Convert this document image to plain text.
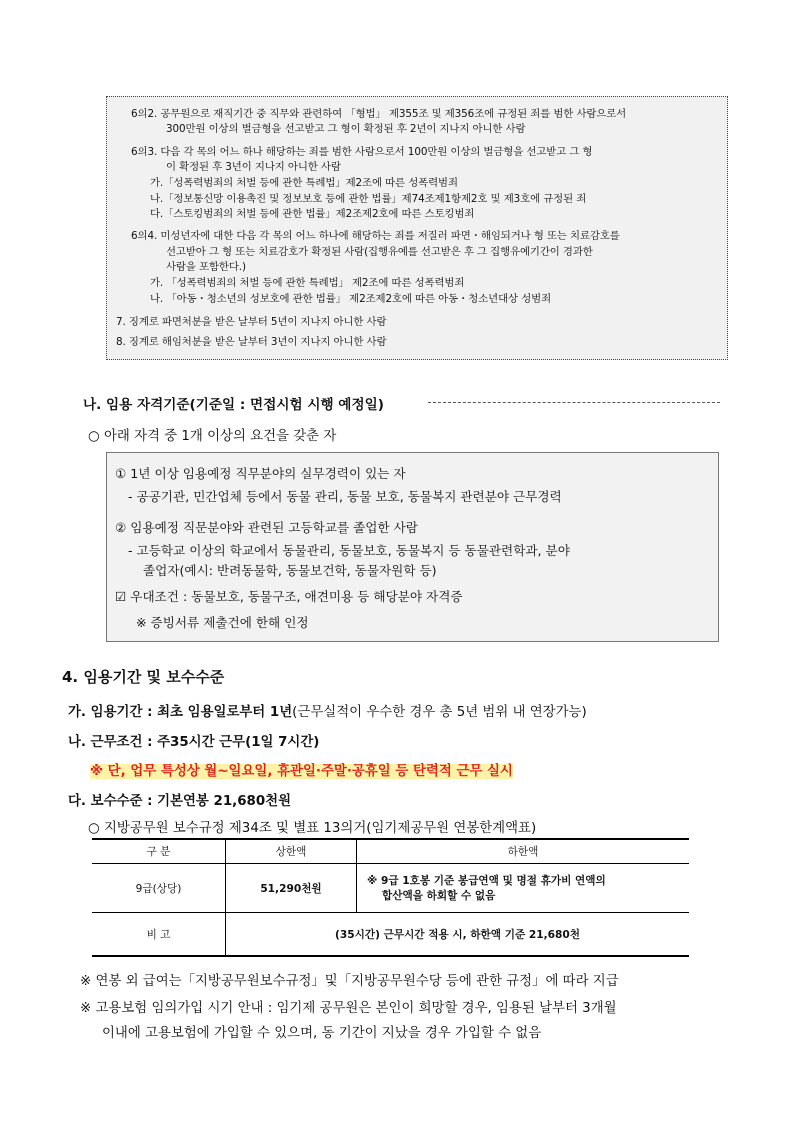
6의2. 공무원으로 재직기간 중 직무와 관련하여 「형법」 제355조 및 제356조에 규정된 죄를 범한 사람으로서
300만원 이상의 벌금형을 선고받고 그 형이 확정된 후 2년이 지나지 아니한 사람
6의3. 다음 각 목의 어느 하나 해당하는 죄를 범한 사람으로서 100만원 이상의 벌금형을 선고받고 그 형
이 확정된 후 3년이 지나지 아니한 사람
가.「성폭력범죄의 처벌 등에 관한 특례법」제2조에 따른 성폭력범죄
나.「정보통신망 이용촉진 및 정보보호 등에 관한 법률」제74조제1항제2호 및 제3호에 규정된 죄
다.「스토킹범죄의 처벌 등에 관한 법률」제2조제2호에 따른 스토킹범죄
6의4. 미성년자에 대한 다음 각 목의 어느 하나에 해당하는 죄를 저질러 파면・해임되거나 형 또는 치료감호를
선고받아 그 형 또는 치료감호가 확정된 사람(집행유예를 선고받은 후 그 집행유예기간이 경과한
사람을 포함한다.)
가. 「성폭력범죄의 처벌 등에 관한 특례법」 제2조에 따른 성폭력범죄
나. 「아동・청소년의 성보호에 관한 법률」 제2조제2호에 따른 아동・청소년대상 성범죄
7. 징계로 파면처분을 받은 날부터 5년이 지나지 아니한 사람
8. 징계로 해임처분을 받은 날부터 3년이 지나지 아니한 사람
나. 임용 자격기준(기준일 : 면접시험 시행 예정일)
○ 아래 자격 중 1개 이상의 요건을 갖춘 자
① 1년 이상 임용예정 직무분야의 실무경력이 있는 자
- 공공기관, 민간업체 등에서 동물 관리, 동물 보호, 동물복지 관련분야 근무경력
② 임용예정 직문분야와 관련된 고등학교를 졸업한 사람
- 고등학교 이상의 학교에서 동물관리, 동물보호, 동물복지 등 동물관련학과, 분야
졸업자(예시: 반려동물학, 동물보건학, 동물자원학 등)
☑ 우대조건 : 동물보호, 동물구조, 애견미용 등 해당분야 자격증
※ 증빙서류 제출건에 한해 인정
4. 임용기간 및 보수수준
가. 임용기간 : 최초 임용일로부터 1년(근무실적이 우수한 경우 총 5년 범위 내 연장가능)
나. 근무조건 : 주35시간 근무(1일 7시간)
※ 단, 업무 특성상 월~일요일, 휴관일·주말·공휴일 등 탄력적 근무 실시
다. 보수수준 : 기본연봉 21,680천원
○ 지방공무원 보수규정 제34조 및 별표 13의거(임기제공무원 연봉한계액표)
구 분	상한액	하한액
9급(상당)	51,290천원	※ 9급 1호봉 기준 봉급연액 및 명절 휴가비 연액의
합산액을 하회할 수 없음

비 고	(35시간) 근무시간 적용 시, 하한액 기준 21,680천	
※ 연봉 외 급여는「지방공무원보수규정」및「지방공무원수당 등에 관한 규정」에 따라 지급
※ 고용보험 임의가입 시기 안내 : 임기제 공무원은 본인이 희망할 경우, 임용된 날부터 3개월
이내에 고용보험에 가입할 수 있으며, 동 기간이 지났을 경우 가입할 수 없음
